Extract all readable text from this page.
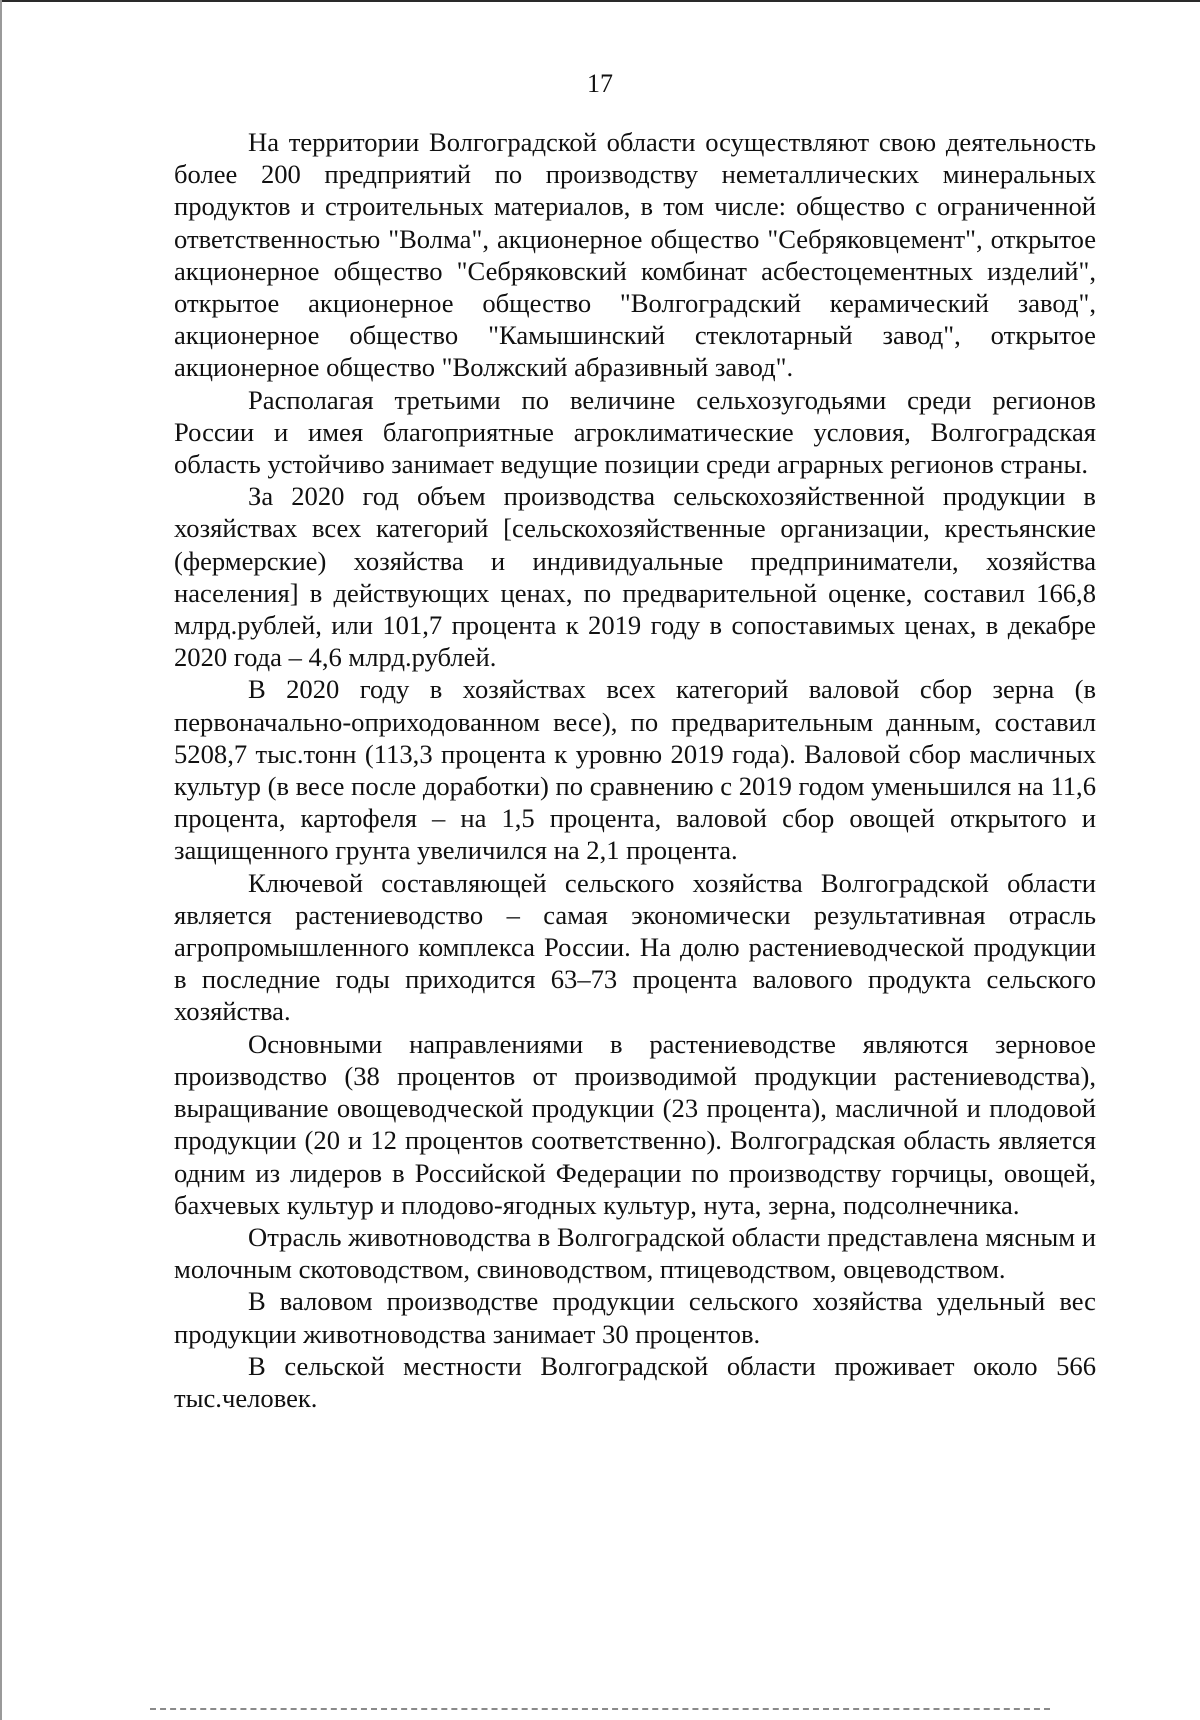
17

На территории Волгоградской области осуществляют свою деятельность более 200 предприятий по производству неметаллических минеральных продуктов и строительных материалов, в том числе: общество с ограниченной ответственностью "Волма", акционерное общество "Себряковцемент", открытое акционерное общество "Себряковский комбинат асбестоцементных изделий", открытое акционерное общество "Волгоградский керамический завод", акционерное общество "Камышинский стеклотарный завод", открытое акционерное общество "Волжский абразивный завод".

Располагая третьими по величине сельхозугодьями среди регионов России и имея благоприятные агроклиматические условия, Волгоградская область устойчиво занимает ведущие позиции среди аграрных регионов страны.

За 2020 год объем производства сельскохозяйственной продукции в хозяйствах всех категорий [сельскохозяйственные организации, крестьянские (фермерские) хозяйства и индивидуальные предприниматели, хозяйства населения] в действующих ценах, по предварительной оценке, составил 166,8 млрд.рублей, или 101,7 процента к 2019 году в сопоставимых ценах, в декабре 2020 года – 4,6 млрд.рублей.

В 2020 году в хозяйствах всех категорий валовой сбор зерна (в первоначально-оприходованном весе), по предварительным данным, составил 5208,7 тыс.тонн (113,3 процента к уровню 2019 года). Валовой сбор масличных культур (в весе после доработки) по сравнению с 2019 годом уменьшился на 11,6 процента, картофеля – на 1,5 процента, валовой сбор овощей открытого и защищенного грунта увеличился на 2,1 процента.

Ключевой составляющей сельского хозяйства Волгоградской области является растениеводство – самая экономически результативная отрасль агропромышленного комплекса России. На долю растениеводческой продукции в последние годы приходится 63–73 процента валового продукта сельского хозяйства.

Основными направлениями в растениеводстве являются зерновое производство (38 процентов от производимой продукции растениеводства), выращивание овощеводческой продукции (23 процента), масличной и плодовой продукции (20 и 12 процентов соответственно). Волгоградская область является одним из лидеров в Российской Федерации по производству горчицы, овощей, бахчевых культур и плодово-ягодных культур, нута, зерна, подсолнечника.

Отрасль животноводства в Волгоградской области представлена мясным и молочным скотоводством, свиноводством, птицеводством, овцеводством.

В валовом производстве продукции сельского хозяйства удельный вес продукции животноводства занимает 30 процентов.

В сельской местности Волгоградской области проживает около 566 тыс.человек.
